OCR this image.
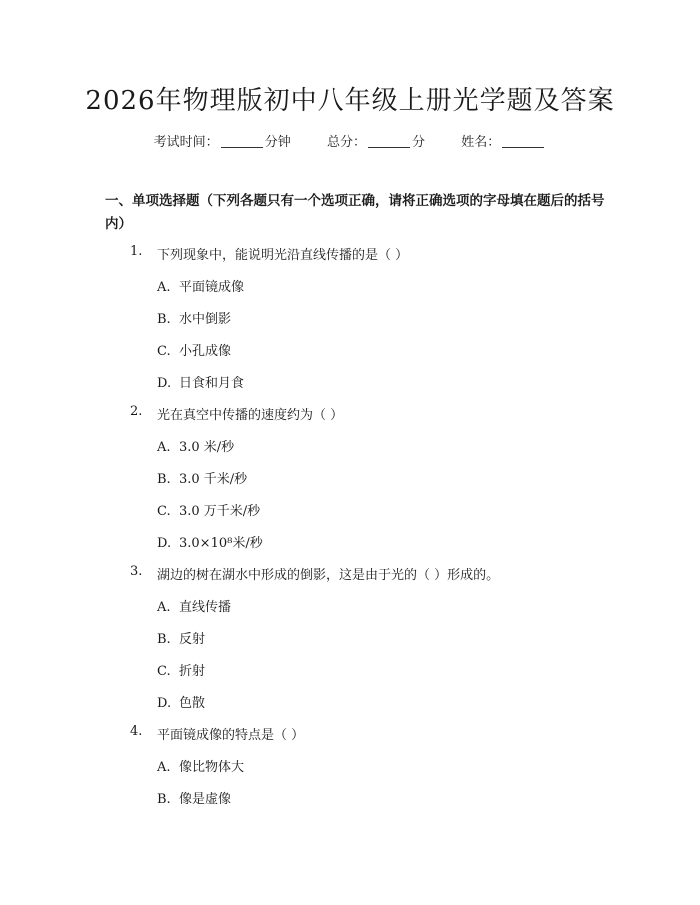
2026年物理版初中八年级上册光学题及答案
考试时间：	分钟	总分：	分	姓名：
一、单项选择题（下列各题只有一个选项正确，请将正确选项的字母填在题后的括号内）
1. 下列现象中，能说明光沿直线传播的是（ ）
A. 平面镜成像
B. 水中倒影
C. 小孔成像
D. 日食和月食
2. 光在真空中传播的速度约为（ ）
A. 3.0 米/秒
B. 3.0 千米/秒
C. 3.0 万千米/秒
D. 3.0×10⁸米/秒
3. 湖边的树在湖水中形成的倒影，这是由于光的（ ）形成的。
A. 直线传播
B. 反射
C. 折射
D. 色散
4. 平面镜成像的特点是（ ）
A. 像比物体大
B. 像是虚像
